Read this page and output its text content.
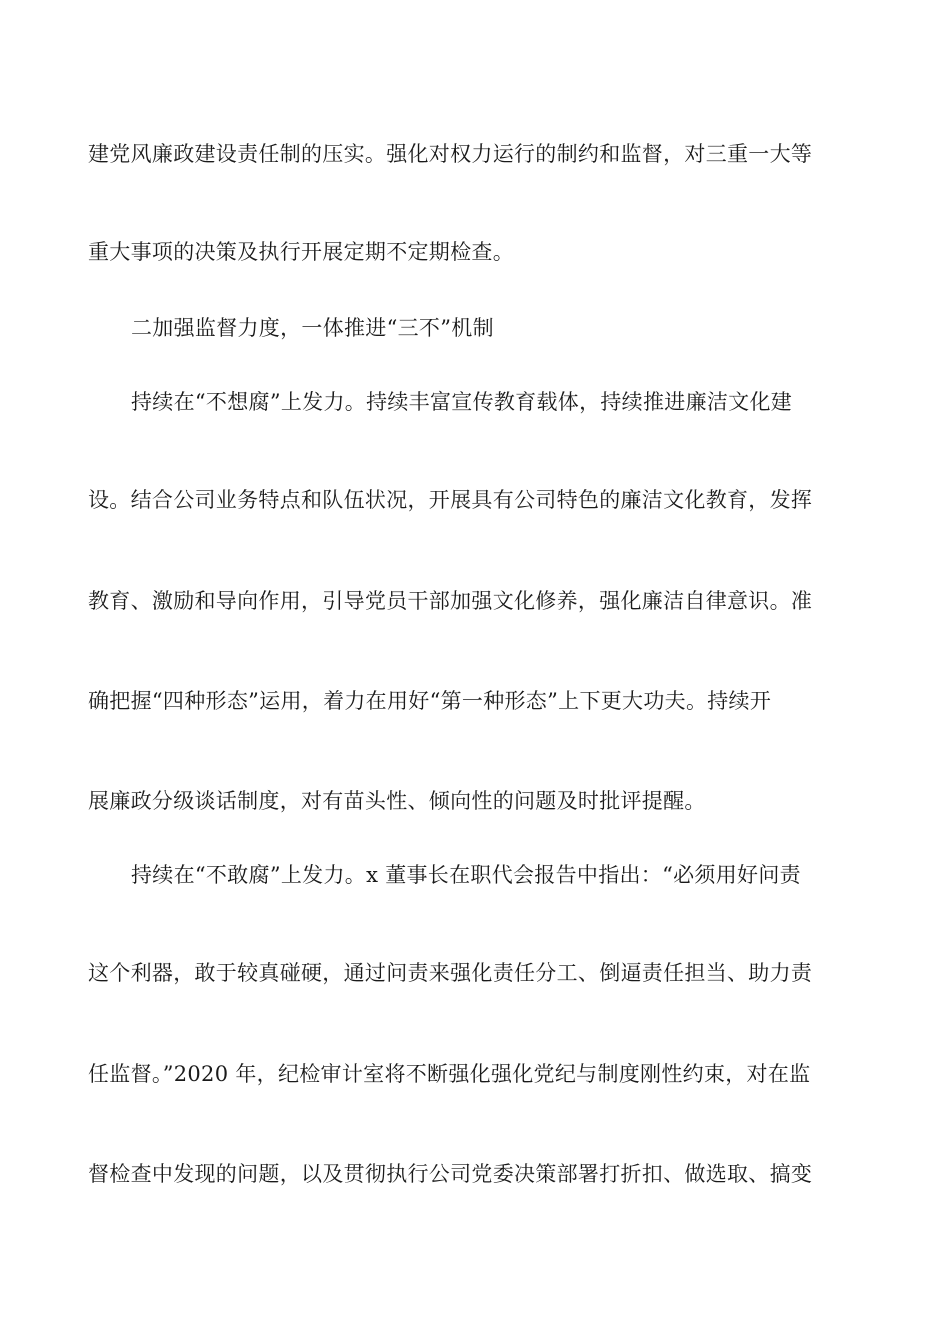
建党风廉政建设责任制的压实。强化对权力运行的制约和监督，对三重一大等
重大事项的决策及执行开展定期不定期检查。
二加强监督力度，一体推进“三不”机制
持续在“不想腐”上发力。持续丰富宣传教育载体，持续推进廉洁文化建
设。结合公司业务特点和队伍状况，开展具有公司特色的廉洁文化教育，发挥
教育、激励和导向作用，引导党员干部加强文化修养，强化廉洁自律意识。准
确把握“四种形态”运用，着力在用好“第一种形态”上下更大功夫。持续开
展廉政分级谈话制度，对有苗头性、倾向性的问题及时批评提醒。
持续在“不敢腐”上发力。x 董事长在职代会报告中指出：“必须用好问责
这个利器，敢于较真碰硬，通过问责来强化责任分工、倒逼责任担当、助力责
任监督。”2020 年，纪检审计室将不断强化强化党纪与制度刚性约束，对在监
督检查中发现的问题，以及贯彻执行公司党委决策部署打折扣、做选取、搞变
